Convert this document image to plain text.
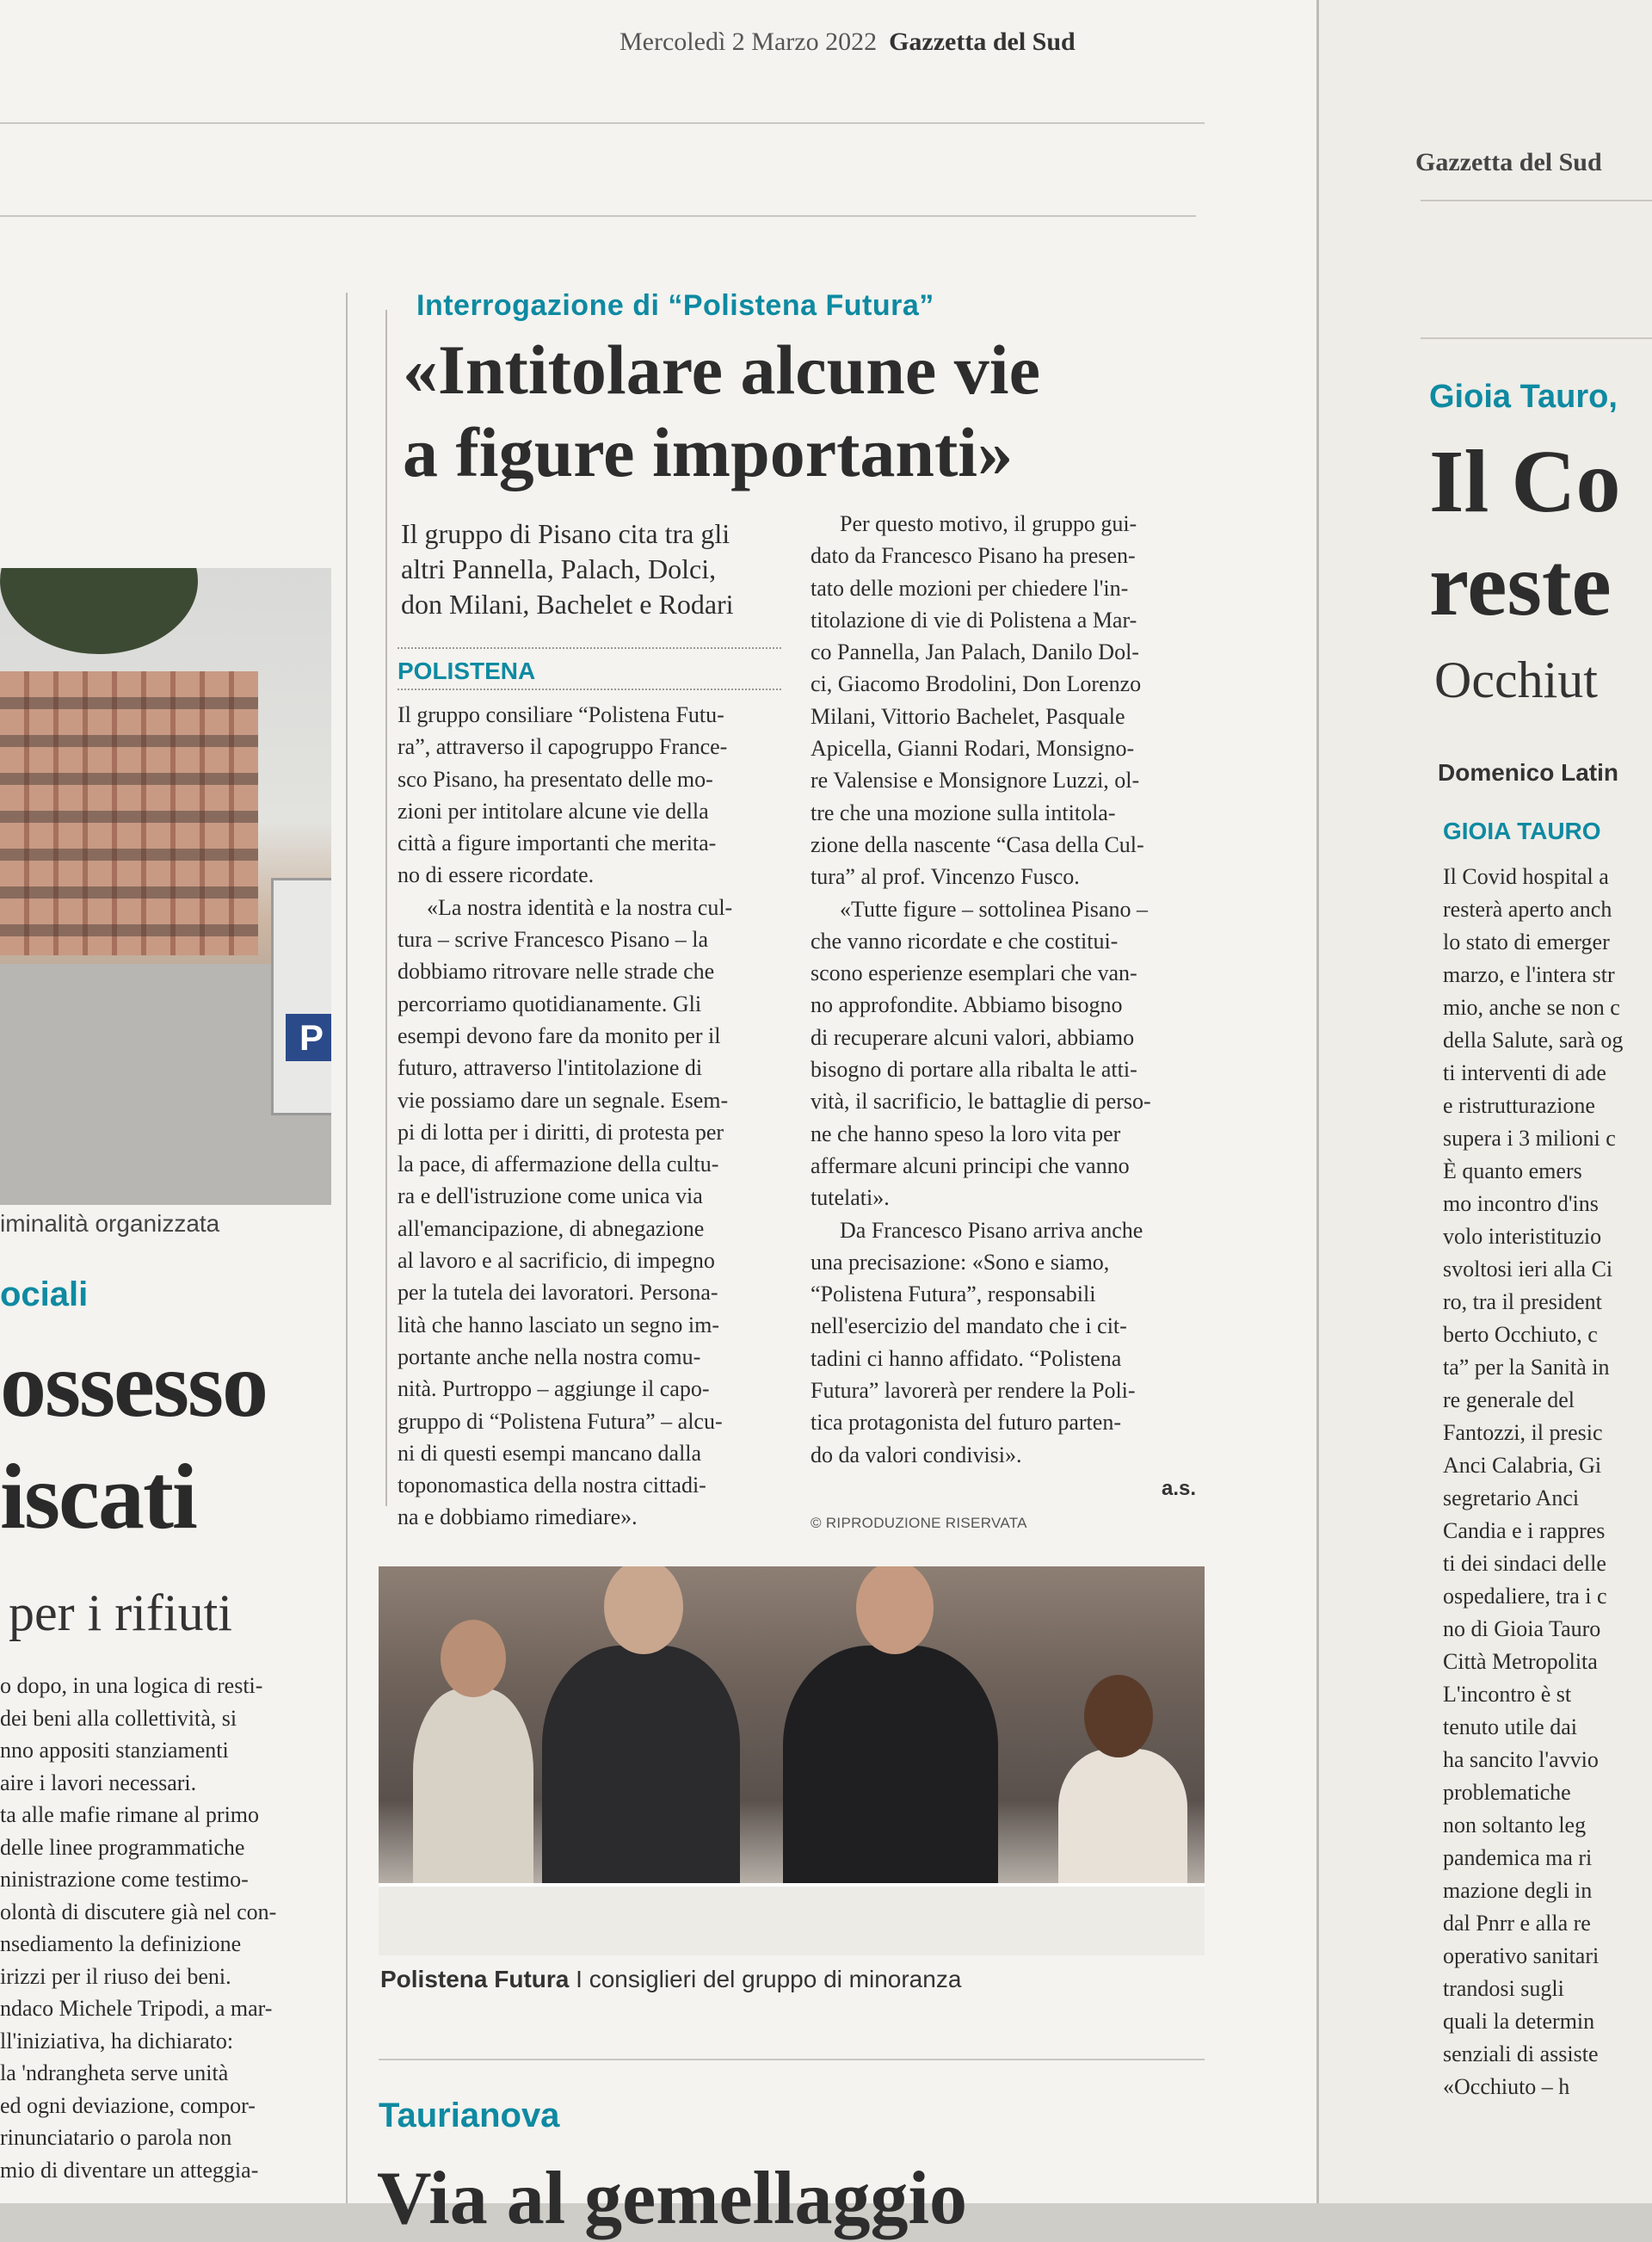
Mercoledì 2 Marzo 2022 Gazzetta del Sud
P
iminalità organizzata
ociali
ossesso
iscati
per i rifiuti
o dopo, in una logica di resti-
dei beni alla collettività, si
nno appositi stanziamenti
aire i lavori necessari.
ta alle mafie rimane al primo
delle linee programmatiche
ninistrazione come testimo-
olontà di discutere già nel con-
nsediamento la definizione
irizzi per il riuso dei beni.
ndaco Michele Tripodi, a mar-
ll'iniziativa, ha dichiarato:
la 'ndrangheta serve unità
ed ogni deviazione, compor-
rinunciatario o parola non
mio di diventare un atteggia-
Interrogazione di “Polistena Futura”
«Intitolare alcune vie
a figure importanti»
Il gruppo di Pisano cita tra gli
altri Pannella, Palach, Dolci,
don Milani, Bachelet e Rodari
POLISTENA
Il gruppo consiliare “Polistena Futu-
ra”, attraverso il capogruppo France-
sco Pisano, ha presentato delle mo-
zioni per intitolare alcune vie della
città a figure importanti che merita-
no di essere ricordate.
«La nostra identità e la nostra cul-
tura – scrive Francesco Pisano – la
dobbiamo ritrovare nelle strade che
percorriamo quotidianamente. Gli
esempi devono fare da monito per il
futuro, attraverso l'intitolazione di
vie possiamo dare un segnale. Esem-
pi di lotta per i diritti, di protesta per
la pace, di affermazione della cultu-
ra e dell'istruzione come unica via
all'emancipazione, di abnegazione
al lavoro e al sacrificio, di impegno
per la tutela dei lavoratori. Persona-
lità che hanno lasciato un segno im-
portante anche nella nostra comu-
nità. Purtroppo – aggiunge il capo-
gruppo di “Polistena Futura” – alcu-
ni di questi esempi mancano dalla
toponomastica della nostra cittadi-
na e dobbiamo rimediare».
Per questo motivo, il gruppo gui-
dato da Francesco Pisano ha presen-
tato delle mozioni per chiedere l'in-
titolazione di vie di Polistena a Mar-
co Pannella, Jan Palach, Danilo Dol-
ci, Giacomo Brodolini, Don Lorenzo
Milani, Vittorio Bachelet, Pasquale
Apicella, Gianni Rodari, Monsigno-
re Valensise e Monsignore Luzzi, ol-
tre che una mozione sulla intitola-
zione della nascente “Casa della Cul-
tura” al prof. Vincenzo Fusco.
«Tutte figure – sottolinea Pisano –
che vanno ricordate e che costitui-
scono esperienze esemplari che van-
no approfondite. Abbiamo bisogno
di recuperare alcuni valori, abbiamo
bisogno di portare alla ribalta le atti-
vità, il sacrificio, le battaglie di perso-
ne che hanno speso la loro vita per
affermare alcuni principi che vanno
tutelati».
Da Francesco Pisano arriva anche
una precisazione: «Sono e siamo,
“Polistena Futura”, responsabili
nell'esercizio del mandato che i cit-
tadini ci hanno affidato. “Polistena
Futura” lavorerà per rendere la Poli-
tica protagonista del futuro parten-
do da valori condivisi».
a.s.
© RIPRODUZIONE RISERVATA
Polistena Futura I consiglieri del gruppo di minoranza
Taurianova
Via al gemellaggio
Gazzetta del Sud
Gioia Tauro,
Il Co
reste
Occhiut
Domenico Latin
GIOIA TAURO
Il Covid hospital a
resterà aperto anch
lo stato di emerger
marzo, e l'intera str
mio, anche se non c
della Salute, sarà og
ti interventi di ade
e ristrutturazione
supera i 3 milioni c
È quanto emers
mo incontro d'ins
volo interistituzio
svoltosi ieri alla Ci
ro, tra il president
berto Occhiuto, c
ta” per la Sanità in
re generale del
Fantozzi, il presic
Anci Calabria, Gi
segretario Anci
Candia e i rappres
ti dei sindaci delle
ospedaliere, tra i c
no di Gioia Tauro
Città Metropolita
L'incontro è st
tenuto utile dai
ha sancito l'avvio
problematiche
non soltanto leg
pandemica ma ri
mazione degli in
dal Pnrr e alla re
operativo sanitari
trandosi sugli
quali la determin
senziali di assiste
«Occhiuto – h
